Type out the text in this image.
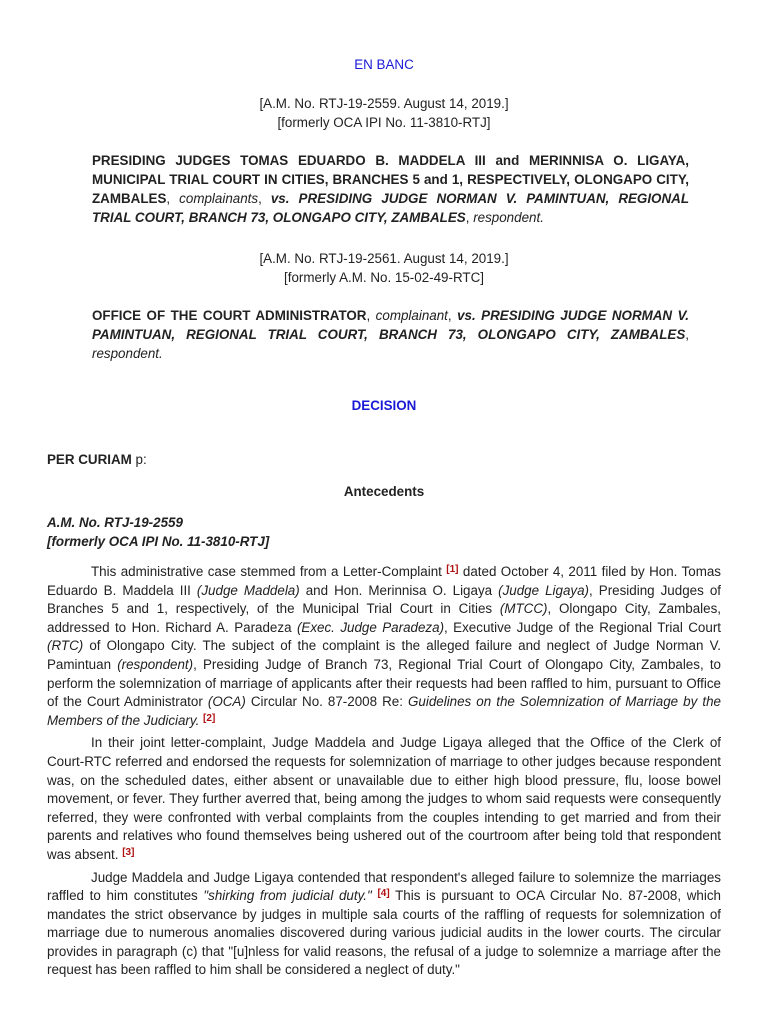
EN BANC
[A.M. No. RTJ-19-2559. August 14, 2019.]
[formerly OCA IPI No. 11-3810-RTJ]
PRESIDING JUDGES TOMAS EDUARDO B. MADDELA III and MERINNISA O. LIGAYA, MUNICIPAL TRIAL COURT IN CITIES, BRANCHES 5 and 1, RESPECTIVELY, OLONGAPO CITY, ZAMBALES, complainants, vs. PRESIDING JUDGE NORMAN V. PAMINTUAN, REGIONAL TRIAL COURT, BRANCH 73, OLONGAPO CITY, ZAMBALES, respondent.
[A.M. No. RTJ-19-2561. August 14, 2019.]
[formerly A.M. No. 15-02-49-RTC]
OFFICE OF THE COURT ADMINISTRATOR, complainant, vs. PRESIDING JUDGE NORMAN V. PAMINTUAN, REGIONAL TRIAL COURT, BRANCH 73, OLONGAPO CITY, ZAMBALES, respondent.
DECISION
PER CURIAM p:
Antecedents
A.M. No. RTJ-19-2559
[formerly OCA IPI No. 11-3810-RTJ]

This administrative case stemmed from a Letter-Complaint [1] dated October 4, 2011 filed by Hon. Tomas Eduardo B. Maddela III (Judge Maddela) and Hon. Merinnisa O. Ligaya (Judge Ligaya), Presiding Judges of Branches 5 and 1, respectively, of the Municipal Trial Court in Cities (MTCC), Olongapo City, Zambales, addressed to Hon. Richard A. Paradeza (Exec. Judge Paradeza), Executive Judge of the Regional Trial Court (RTC) of Olongapo City. The subject of the complaint is the alleged failure and neglect of Judge Norman V. Pamintuan (respondent), Presiding Judge of Branch 73, Regional Trial Court of Olongapo City, Zambales, to perform the solemnization of marriage of applicants after their requests had been raffled to him, pursuant to Office of the Court Administrator (OCA) Circular No. 87-2008 Re: Guidelines on the Solemnization of Marriage by the Members of the Judiciary. [2]

In their joint letter-complaint, Judge Maddela and Judge Ligaya alleged that the Office of the Clerk of Court-RTC referred and endorsed the requests for solemnization of marriage to other judges because respondent was, on the scheduled dates, either absent or unavailable due to either high blood pressure, flu, loose bowel movement, or fever. They further averred that, being among the judges to whom said requests were consequently referred, they were confronted with verbal complaints from the couples intending to get married and from their parents and relatives who found themselves being ushered out of the courtroom after being told that respondent was absent. [3]

Judge Maddela and Judge Ligaya contended that respondent's alleged failure to solemnize the marriages raffled to him constitutes "shirking from judicial duty." [4] This is pursuant to OCA Circular No. 87-2008, which mandates the strict observance by judges in multiple sala courts of the raffling of requests for solemnization of marriage due to numerous anomalies discovered during various judicial audits in the lower courts. The circular provides in paragraph (c) that "[u]nless for valid reasons, the refusal of a judge to solemnize a marriage after the request has been raffled to him shall be considered a neglect of duty."
